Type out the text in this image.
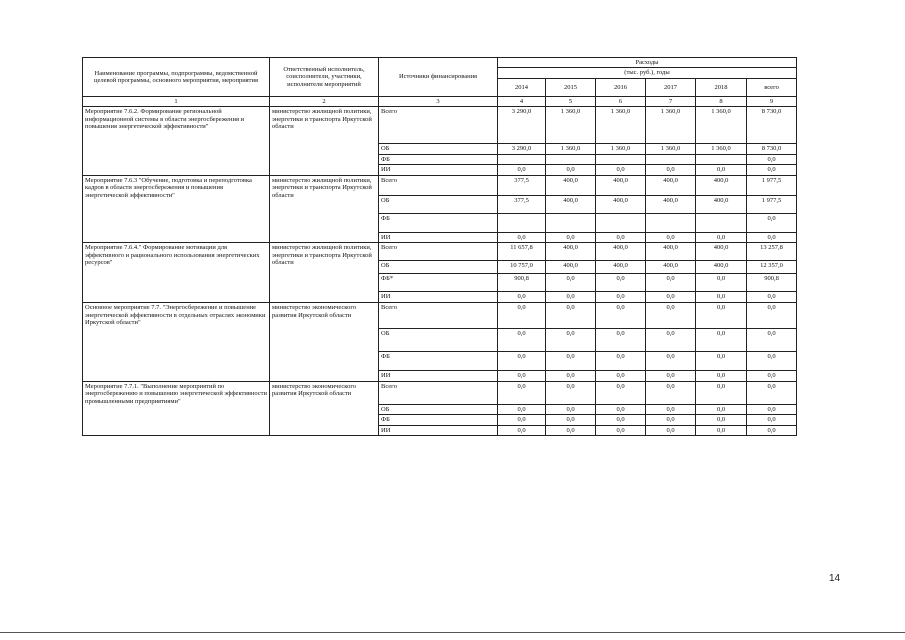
Наименование программы, подпрограммы, ведомственной целевой программы, основного мероприятия, мероприятия	Ответственный исполнитель, соисполнители, участники, исполнители мероприятий	Источники финансирования	Расходы					
			(тыс. руб.), годы					
			2014	2015	2016	2017	2018	всего
1	2	3	4	5	6	7	8	9
Мероприятие 7.6.2. Формирование региональной информационной системы в области энергосбережения и повышения энергетической эффективности"	министерство жилищной политики, энергетики и транспорта Иркутской области	Всего	3 290,0	1 360,0	1 360,0	1 360,0	1 360,0	8 730,0
		ОБ	3 290,0	1 360,0	1 360,0	1 360,0	1 360,0	8 730,0
		ФБ						0,0
		ИИ	0,0	0,0	0,0	0,0	0,0	0,0
Мероприятие 7.6.3 "Обучение, подготовка и переподготовка кадров в области энергосбережения и повышения энергетической эффективности"	министерство жилищной политики, энергетики и транспорта Иркутской области	Всего	377,5	400,0	400,0	400,0	400,0	1 977,5
		ОБ	377,5	400,0	400,0	400,0	400,0	1 977,5
		ФБ						0,0
		ИИ	0,0	0,0	0,0	0,0	0,0	0,0
Мероприятие 7.6.4." Формирование мотивации для эффективного и рационального использования энергетических ресурсов"	министерство жилищной политики, энергетики и транспорта Иркутской области	Всего	11 657,8	400,0	400,0	400,0	400,0	13 257,8
		ОБ	10 757,0	400,0	400,0	400,0	400,0	12 357,0
		ФБ*	900,8	0,0	0,0	0,0	0,0	900,8
		ИИ	0,0	0,0	0,0	0,0	0,0	0,0
Основное мероприятие 7.7. "Энергосбережение и повышение энергетической эффективности в отдельных отраслях экономики Иркутской области"	министерство экономического развития Иркутской области	Всего	0,0	0,0	0,0	0,0	0,0	0,0
		ОБ	0,0	0,0	0,0	0,0	0,0	0,0
		ФБ	0,0	0,0	0,0	0,0	0,0	0,0
		ИИ	0,0	0,0	0,0	0,0	0,0	0,0
Мероприятие 7.7.1. "Выполнение мероприятий по энергосбережению и повышению энергетической эффективности промышленными предприятиями"	министерство экономического развития Иркутской области	Всего	0,0	0,0	0,0	0,0	0,0	0,0
		ОБ	0,0	0,0	0,0	0,0	0,0	0,0
		ФБ	0,0	0,0	0,0	0,0	0,0	0,0
		ИИ	0,0	0,0	0,0	0,0	0,0	0,0
14
